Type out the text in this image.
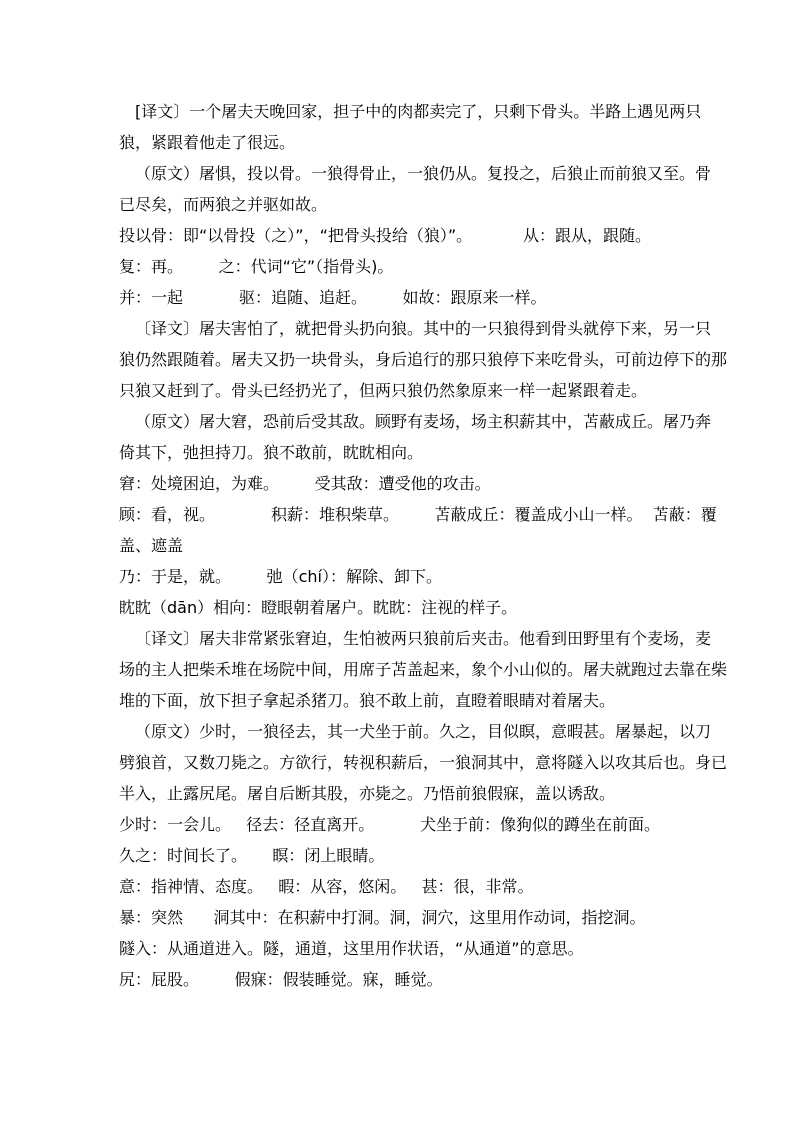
[译文〕一个屠夫天晚回家，担子中的肉都卖完了，只剩下骨头。半路上遇见两只
狼，紧跟着他走了很远。
（原文）屠惧，投以骨。一狼得骨止，一狼仍从。复投之，后狼止而前狼又至。骨
已尽矣，而两狼之并驱如故。
投以骨：即“以骨投（之）”，“把骨头投给（狼）”。          从：跟从，跟随。
复：再。       之：代词“它”（指骨头)。
并：一起           驱：追随、追赶。       如故：跟原来一样。
〔译文〕屠夫害怕了，就把骨头扔向狼。其中的一只狼得到骨头就停下来，另一只
狼仍然跟随着。屠夫又扔一块骨头，身后追行的那只狼停下来吃骨头，可前边停下的那
只狼又赶到了。骨头已经扔光了，但两只狼仍然象原来一样一起紧跟着走。
（原文）屠大窘，恐前后受其敌。顾野有麦场，场主积薪其中，苫蔽成丘。屠乃奔
倚其下，弛担持刀。狼不敢前，眈眈相向。
窘：处境困迫，为难。       受其敌：遭受他的攻击。
顾：看，视。           积薪：堆积柴草。       苫蔽成丘：覆盖成小山一样。  苫蔽：覆
盖、遮盖
乃：于是，就。       弛（chí）：解除、卸下。
眈眈（dān）相向：瞪眼朝着屠户。眈眈：注视的样子。
〔译文〕屠夫非常紧张窘迫，生怕被两只狼前后夹击。他看到田野里有个麦场，麦
场的主人把柴禾堆在场院中间，用席子苫盖起来，象个小山似的。屠夫就跑过去靠在柴
堆的下面，放下担子拿起杀猪刀。狼不敢上前，直瞪着眼睛对着屠夫。
（原文）少时，一狼径去，其一犬坐于前。久之，目似瞑，意暇甚。屠暴起，以刀
劈狼首，又数刀毙之。方欲行，转视积薪后，一狼洞其中，意将隧入以攻其后也。身已
半入，止露尻尾。屠自后断其股，亦毙之。乃悟前狼假寐，盖以诱敌。
少时：一会儿。   径去：径直离开。         犬坐于前：像狗似的蹲坐在前面。
久之：时间长了。     瞑：闭上眼睛。
意：指神情、态度。   暇：从容，悠闲。   甚：很，非常。
暴：突然      洞其中：在积薪中打洞。洞，洞穴，这里用作动词，指挖洞。
隧入：从通道进入。隧，通道，这里用作状语，“从通道”的意思。
尻：屁股。       假寐：假装睡觉。寐，睡觉。
